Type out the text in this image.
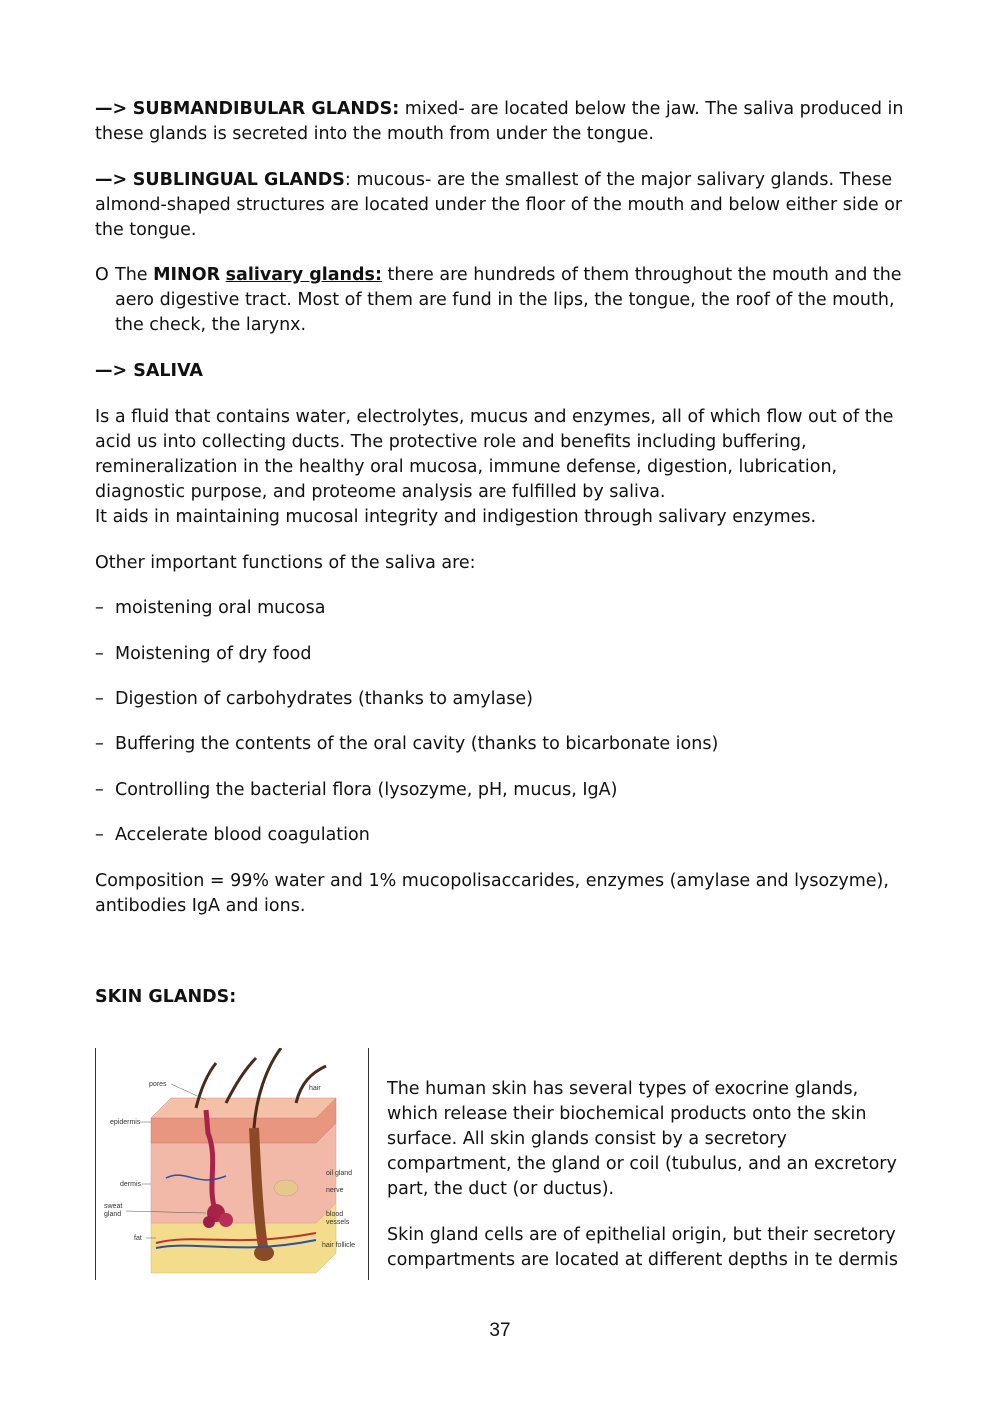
—> SUBMANDIBULAR GLANDS: mixed- are located below the jaw. The saliva produced in these glands is secreted into the mouth from under the tongue.

—> SUBLINGUAL GLANDS: mucous- are the smallest of the major salivary glands. These almond-shaped structures are located under the floor of the mouth and below either side or the tongue.

O The MINOR salivary glands: there are hundreds of them throughout the mouth and the aero digestive tract. Most of them are fund in the lips, the tongue, the roof of the mouth, the check, the larynx.

—> SALIVA

Is a fluid that contains water, electrolytes, mucus and enzymes, all of which flow out of the acid us into collecting ducts. The protective role and benefits including buffering, remineralization in the healthy oral mucosa, immune defense, digestion, lubrication, diagnostic purpose, and proteome analysis are fulfilled by saliva.

It aids in maintaining mucosal integrity and indigestion through salivary enzymes.

Other important functions of the saliva are:

– moistening oral mucosa
– Moistening of dry food
– Digestion of carbohydrates (thanks to amylase)
– Buffering the contents of the oral cavity (thanks to bicarbonate ions)
– Controlling the bacterial flora (lysozyme, pH, mucus, IgA)
– Accelerate blood coagulation

Composition = 99% water and 1% mucopolisaccarides, enzymes (amylase and lysozyme), antibodies IgA and ions.

SKIN GLANDS:
pores
hair
epidermis
dermis
sweat
gland
fat
oil gland
nerve
blood
vessels
hair follicle

The human skin has several types of exocrine glands, which release their biochemical products onto the skin surface. All skin glands consist by a secretory compartment, the gland or coil (tubulus, and an excretory part, the duct (or ductus).

Skin gland cells are of epithelial origin, but their secretory compartments are located at different depths in te dermis

37
